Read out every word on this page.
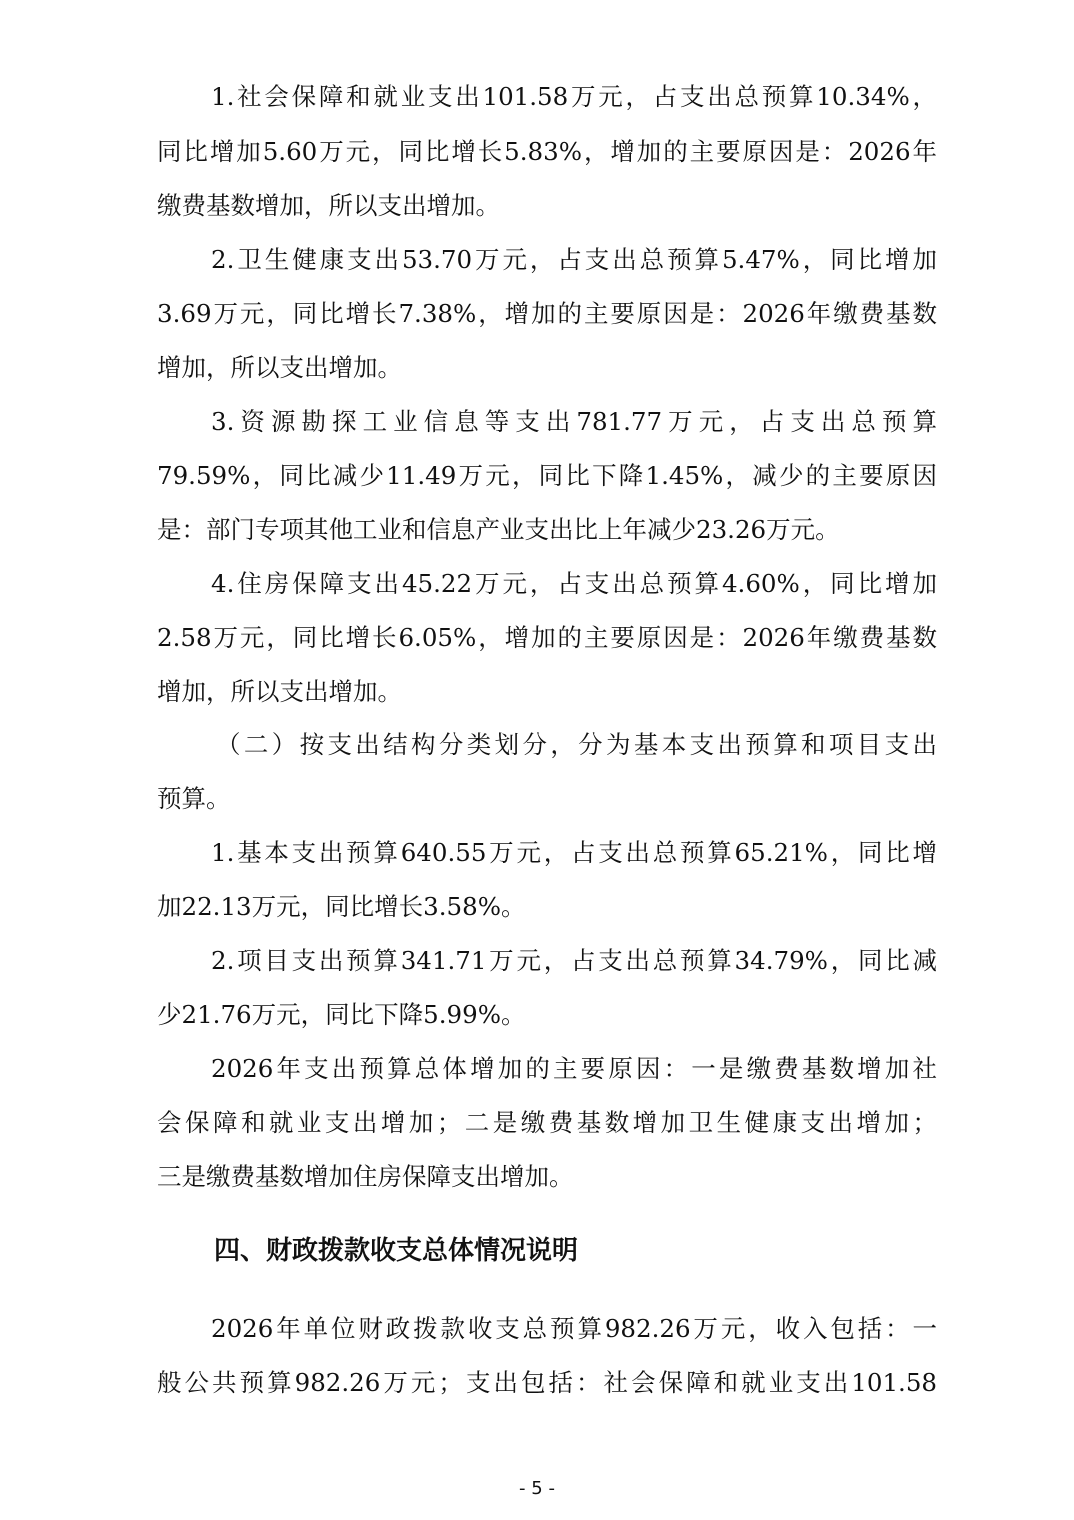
1.社会保障和就业支出101.58万元，占支出总预算10.34%，
同比增加5.60万元，同比增长5.83%，增加的主要原因是：2026年
缴费基数增加，所以支出增加。
2.卫生健康支出53.70万元，占支出总预算5.47%，同比增加
3.69万元，同比增长7.38%，增加的主要原因是：2026年缴费基数
增加，所以支出增加。
3.资源勘探工业信息等支出781.77万元，占支出总预算
79.59%，同比减少11.49万元，同比下降1.45%，减少的主要原因
是：部门专项其他工业和信息产业支出比上年减少23.26万元。
4.住房保障支出45.22万元，占支出总预算4.60%，同比增加
2.58万元，同比增长6.05%，增加的主要原因是：2026年缴费基数
增加，所以支出增加。
（二）按支出结构分类划分，分为基本支出预算和项目支出
预算。
1.基本支出预算640.55万元，占支出总预算65.21%，同比增
加22.13万元，同比增长3.58%。
2.项目支出预算341.71万元，占支出总预算34.79%，同比减
少21.76万元，同比下降5.99%。
2026年支出预算总体增加的主要原因：一是缴费基数增加社
会保障和就业支出增加；二是缴费基数增加卫生健康支出增加；
三是缴费基数增加住房保障支出增加。
四、财政拨款收支总体情况说明
2026年单位财政拨款收支总预算982.26万元，收入包括：一
般公共预算982.26万元；支出包括：社会保障和就业支出101.58
- 5 -
